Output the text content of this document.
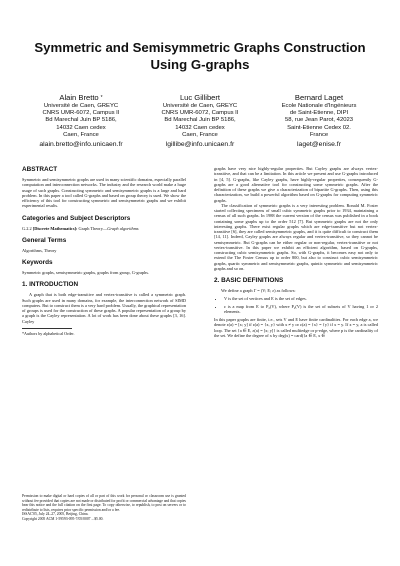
Symmetric and Semisymmetric Graphs Construction Using G-graphs
Alain Bretto *
Université de Caen, GREYC
CNRS UMR-6072, Campus II
Bd Marechal Juin BP 5186,
14032 Caen cedex
Caen, France
alain.bretto@info.unicaen.fr
Luc Gillibert
Université de Caen, GREYC
CNRS UMR-6072, Campus II
Bd Marechal Juin BP 5186,
14032 Caen cedex
Caen, France
lgillibe@info.unicaen.fr
Bernard Laget
Ecole Nationale d'Ingénieurs
de Saint-Etienne, DIPI
58, rue Jean Parot, 42023
Saint-Etienne Cedex 02.
France
laget@enise.fr
ABSTRACT

Symmetric and semisymmetric graphs are used in many scientific domains, especially parallel computation and interconnection networks. The industry and the research world make a huge usage of such graphs. Constructing symmetric and semisymmetric graphs is a large and hard problem. In this paper a tool called G-graphs and based on group theory is used. We show the efficiency of this tool for constructing symmetric and semisymmetric graphs and we exhibit experimental results.

Categories and Subject Descriptors

G.2.2 [Discrete Mathematics]: Graph Theory—Graph algorithms

General Terms

Algorithms, Theory

Keywords

Symmetric graphs, semisymmetric graphs, graphs from group, G-graphs.

1. INTRODUCTION

A graph that is both edge-transitive and vertex-transitive is called a symmetric graph. Such graphs are used in many domains, for example, the interconnection network of SIMD computers. But to construct them is a very hard problem. Usually, the graphical representation of groups is used for the construction of these graphs. A popular representation of a group by a graph is the Cayley representation. A lot of work has been done about these graphs [3, 16]. Cayley

*Authors by alphabetical Order.

Permission to make digital or hard copies of all or part of this work for personal or classroom use is granted without fee provided that copies are not made or distributed for profit or commercial advantage and that copies bear this notice and the full citation on the first page. To copy otherwise, to republish, to post on servers or to redistribute to lists, requires prior specific permission and/or a fee.

ISSAC'05, July 24–27, 2005, Beijing, China.

Copyright 2005 ACM 1-59593-095-7/05/0007 ...$5.00.

graphs have very nice highly-regular properties. But Cayley graphs are always vertex-transitive, and that can be a limitation. In this article we present and use G-graphs introduced in [4, 5]. G-graphs, like Cayley graphs, have highly-regular properties, consequently G-graphs are a good alternative tool for constructing some symmetric graphs. After the definition of these graphs we give a characterization of bipartite G-graphs. Then, using this characterization, we build a powerful algorithm based on G-graphs for computing symmetric graphs.

The classification of symmetric graphs is a very interesting problem. Ronald M. Foster started collecting specimens of small cubic symmetric graphs prior to 1934, maintaining a census of all such graphs. In 1988 the current version of the census was published in a book containing some graphs up to the order 512 [7]. But symmetric graphs are not the only interesting graphs. There exist regular graphs which are edge-transitive but not vertex-transitive [6], they are called semisymmetric graphs, and it is quite difficult to construct them [14, 11]. Indeed, Cayley graphs are always regular and vertex-transitive, so they cannot be semisymmetric. But G-graphs can be either regular or non-regular, vertex-transitive or not vertex-transitive. In this paper we exhibit an efficient algorithm, based on G-graphs, constructing cubic semisymmetric graphs. So, with G-graphs, it becomes easy not only to extend the The Foster Census up to order 800, but also to construct cubic semisymmetric graphs, quartic symmetric and semisymmetric graphs, quintic symmetric and semisymmetric graphs and so on.

2. BASIC DEFINITIONS

We define a graph Γ = (V; E; ε) as follows:

• V is the set of vertices and E is the set of edges.
• ε is a map from E to P₂(V), where P₂(V) is the set of subsets of V having 1 or 2 elements.

In this paper graphs are finite, i.e., sets V and E have finite cardinalities. For each edge a, we denote ε(a) = [x; y] if ε(a) = {x, y} with x ≠ y or ε(a) = {x} = {y} if x = y. If x = y, a is called loop. The set {a ∈ E, ε(a) = [x; y]} is called multiedge or p-edge, where p is the cardinality of the set. We define the degree of x by deg(x) = card({a ∈ E, x ∈
